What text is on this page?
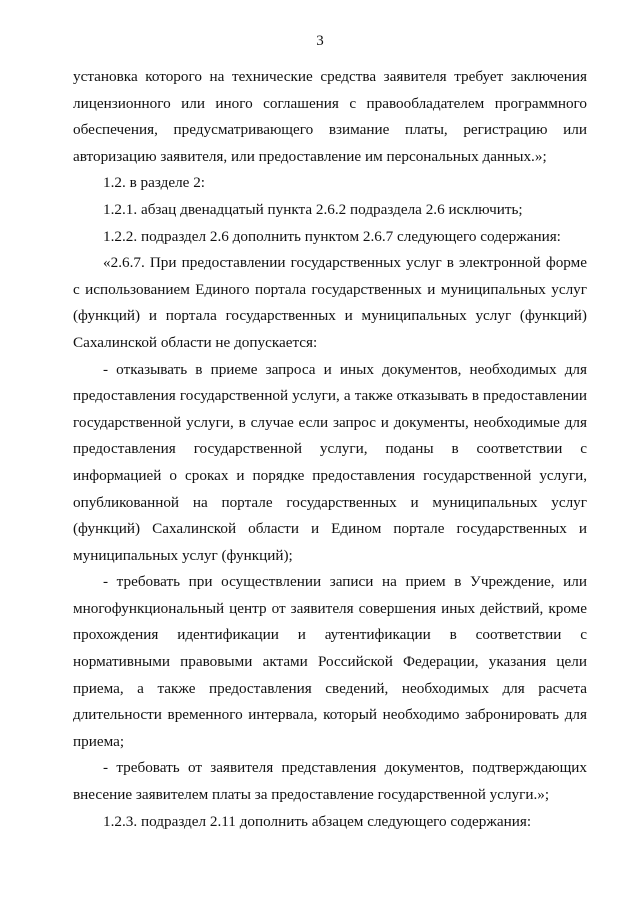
3

установка которого на технические средства заявителя требует заключения лицензионного или иного соглашения с правообладателем программного обеспечения, предусматривающего взимание платы, регистрацию или авторизацию заявителя, или предоставление им персональных данных.»;

1.2. в разделе 2:

1.2.1. абзац двенадцатый пункта 2.6.2 подраздела 2.6 исключить;

1.2.2. подраздел 2.6 дополнить пунктом 2.6.7 следующего содержания:

«2.6.7. При предоставлении государственных услуг в электронной форме с использованием Единого портала государственных и муниципальных услуг (функций) и портала государственных и муниципальных услуг (функций) Сахалинской области не допускается:

- отказывать в приеме запроса и иных документов, необходимых для предоставления государственной услуги, а также отказывать в предоставлении государственной услуги, в случае если запрос и документы, необходимые для предоставления государственной услуги, поданы в соответствии с информацией о сроках и порядке предоставления государственной услуги, опубликованной на портале государственных и муниципальных услуг (функций) Сахалинской области и Едином портале государственных и муниципальных услуг (функций);

- требовать при осуществлении записи на прием в Учреждение, или многофункциональный центр от заявителя совершения иных действий, кроме прохождения идентификации и аутентификации в соответствии с нормативными правовыми актами Российской Федерации, указания цели приема, а также предоставления сведений, необходимых для расчета длительности временного интервала, который необходимо забронировать для приема;

- требовать от заявителя представления документов, подтверждающих внесение заявителем платы за предоставление государственной услуги.»;

1.2.3. подраздел 2.11 дополнить абзацем следующего содержания:
